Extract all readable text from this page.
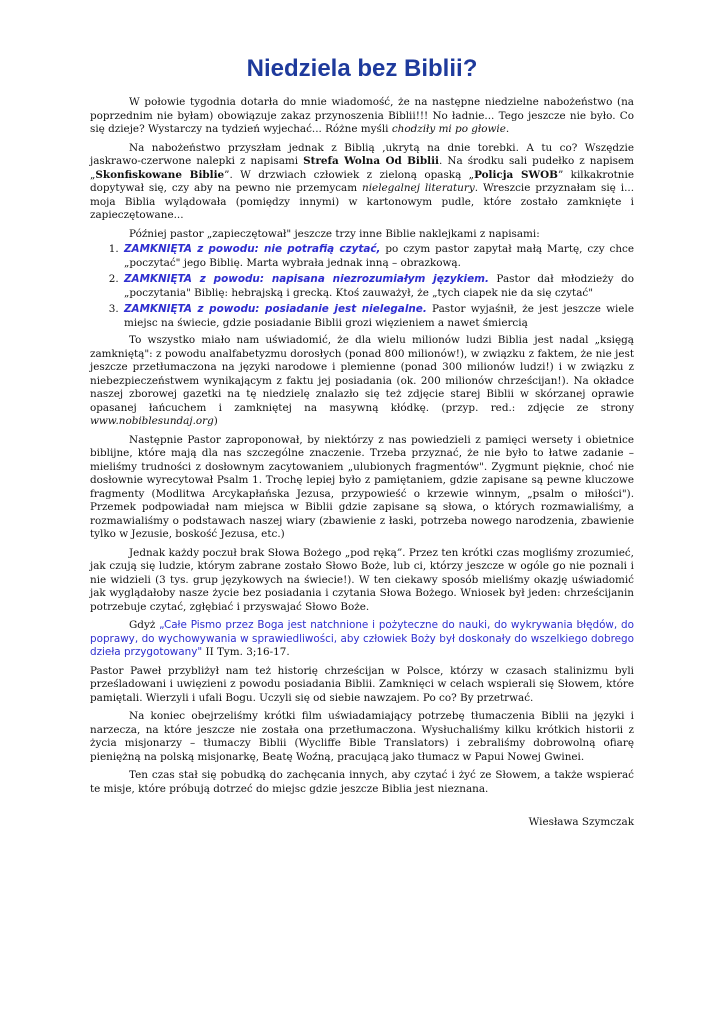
Niedziela bez Biblii?

W połowie tygodnia dotarła do mnie wiadomość, że na następne niedzielne nabożeństwo (na poprzednim nie byłam) obowiązuje zakaz przynoszenia Biblii!!! No ładnie... Tego jeszcze nie było. Co się dzieje? Wystarczy na tydzień wyjechać... Różne myśli chodziły mi po głowie.

Na nabożeństwo przyszłam jednak z Biblią ‚ukrytą na dnie torebki. A tu co? Wszędzie jaskrawo-czerwone nalepki z napisami Strefa Wolna Od Biblii. Na środku sali pudełko z napisem „Skonfiskowane Biblie”. W drzwiach człowiek z zieloną opaską „Policja SWOB” kilkakrotnie dopytywał się, czy aby na pewno nie przemycam nielegalnej literatury. Wreszcie przyznałam się i... moja Biblia wylądowała (pomiędzy innymi) w kartonowym pudle, które zostało zamknięte i zapieczętowane...

Później pastor „zapieczętował" jeszcze trzy inne Biblie naklejkami z napisami:

1. ZAMKNIĘTA z powodu: nie potrafią czytać, po czym pastor zapytał małą Martę, czy chce „poczytać" jego Biblię. Marta wybrała jednak inną – obrazkową.
2. ZAMKNIĘTA z powodu: napisana niezrozumiałym językiem. Pastor dał młodzieży do „poczytania" Biblię: hebrajską i grecką. Ktoś zauważył, że „tych ciapek nie da się czytać"
3. ZAMKNIĘTA z powodu: posiadanie jest nielegalne. Pastor wyjaśnił, że jest jeszcze wiele miejsc na świecie, gdzie posiadanie Biblii grozi więzieniem a nawet śmiercią

To wszystko miało nam uświadomić, że dla wielu milionów ludzi Biblia jest nadal „księgą zamkniętą": z powodu analfabetyzmu dorosłych (ponad 800 milionów!), w związku z faktem, że nie jest jeszcze przetłumaczona na języki narodowe i plemienne (ponad 300 milionów ludzi!) i w związku z niebezpieczeństwem wynikającym z faktu jej posiadania (ok. 200 milionów chrześcijan!). Na okładce naszej zborowej gazetki na tę niedzielę znalazło się też zdjęcie starej Biblii w skórzanej oprawie opasanej łańcuchem i zamkniętej na masywną kłódkę. (przyp. red.: zdjęcie ze strony www.nobiblesundaj.org)

Następnie Pastor zaproponował, by niektórzy z nas powiedzieli z pamięci wersety i obietnice biblijne, które mają dla nas szczególne znaczenie. Trzeba przyznać, że nie było to łatwe zadanie – mieliśmy trudności z dosłownym zacytowaniem „ulubionych fragmentów". Zygmunt pięknie, choć nie dosłownie wyrecytował Psalm 1. Trochę lepiej było z pamiętaniem, gdzie zapisane są pewne kluczowe fragmenty (Modlitwa Arcykapłańska Jezusa, przypowieść o krzewie winnym, „psalm o miłości"). Przemek podpowiadał nam miejsca w Biblii gdzie zapisane są słowa, o których rozmawialiśmy, a rozmawialiśmy o podstawach naszej wiary (zbawienie z łaski, potrzeba nowego narodzenia, zbawienie tylko w Jezusie, boskość Jezusa, etc.)

Jednak każdy poczuł brak Słowa Bożego „pod ręką”. Przez ten krótki czas mogliśmy zrozumieć, jak czują się ludzie, którym zabrane zostało Słowo Boże, lub ci, którzy jeszcze w ogóle go nie poznali i nie widzieli (3 tys. grup językowych na świecie!). W ten ciekawy sposób mieliśmy okazję uświadomić jak wyglądałoby nasze życie bez posiadania i czytania Słowa Bożego. Wniosek był jeden: chrześcijanin potrzebuje czytać, zgłębiać i przyswajać Słowo Boże.

Gdyż „Całe Pismo przez Boga jest natchnione i pożyteczne do nauki, do wykrywania błędów, do poprawy, do wychowywania w sprawiedliwości, aby człowiek Boży był doskonały do wszelkiego dobrego dzieła przygotowany" II Tym. 3;16-17.

Pastor Paweł przybliżył nam też historię chrześcijan w Polsce, którzy w czasach stalinizmu byli prześladowani i uwięzieni z powodu posiadania Biblii. Zamknięci w celach wspierali się Słowem, które pamiętali. Wierzyli i ufali Bogu. Uczyli się od siebie nawzajem. Po co? By przetrwać.

Na koniec obejrzeliśmy krótki film uświadamiający potrzebę tłumaczenia Biblii na języki i narzecza, na które jeszcze nie została ona przetłumaczona. Wysłuchaliśmy kilku krótkich historii z życia misjonarzy – tłumaczy Biblii (Wycliffe Bible Translators) i zebraliśmy dobrowolną ofiarę pieniężną na polską misjonarkę, Beatę Woźną, pracującą jako tłumacz w Papui Nowej Gwinei.

Ten czas stał się pobudką do zachęcania innych, aby czytać i żyć ze Słowem, a także wspierać te misje, które próbują dotrzeć do miejsc gdzie jeszcze Biblia jest nieznana.

Wiesława Szymczak
